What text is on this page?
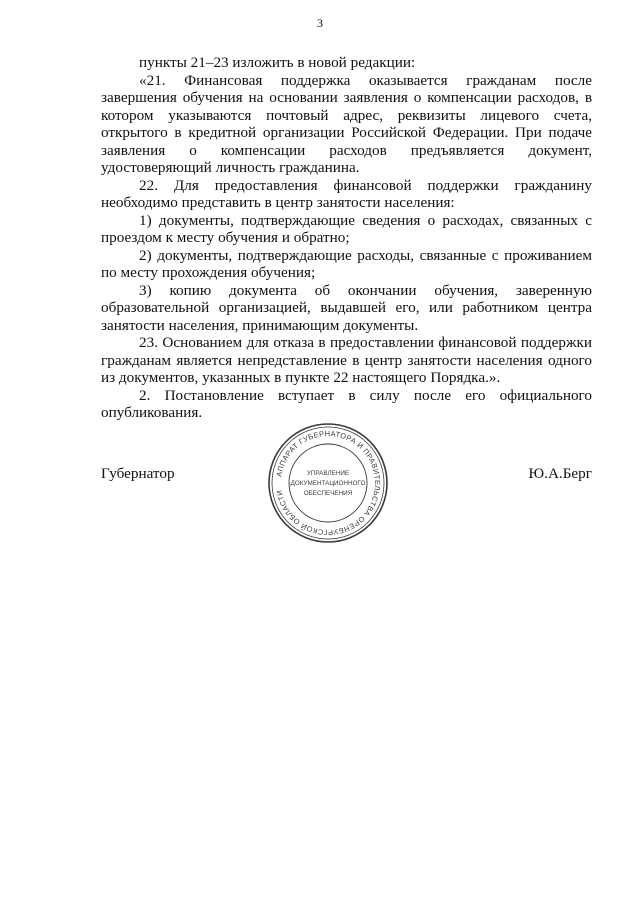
3

пункты 21–23 изложить в новой редакции:

«21. Финансовая поддержка оказывается гражданам после завершения обучения на основании заявления о компенсации расходов, в котором указываются почтовый адрес, реквизиты лицевого счета, открытого в кредитной организации Российской Федерации. При подаче заявления о компенсации расходов предъявляется документ, удостоверяющий личность гражданина.

22. Для предоставления финансовой поддержки гражданину необходимо представить в центр занятости населения:

1) документы, подтверждающие сведения о расходах, связанных с проездом к месту обучения и обратно;

2) документы, подтверждающие расходы, связанные с проживанием по месту прохождения обучения;

3) копию документа об окончании обучения, заверенную образовательной организацией, выдавшей его, или работником центра занятости населения, принимающим документы.

23. Основанием для отказа в предоставлении финансовой поддержки гражданам является непредставление в центр занятости населения одного из документов, указанных в пункте 22 настоящего Порядка.».

2. Постановление вступает в силу после его официального опубликования.

Губернатор	Ю.А.Берг
АППАРАТ ГУБЕРНАТОРА И ПРАВИТЕЛЬСТВА ОРЕНБУРГСКОЙ ОБЛАСТИ
УПРАВЛЕНИЕ
ДОКУМЕНТАЦИОННОГО
ОБЕСПЕЧЕНИЯ
